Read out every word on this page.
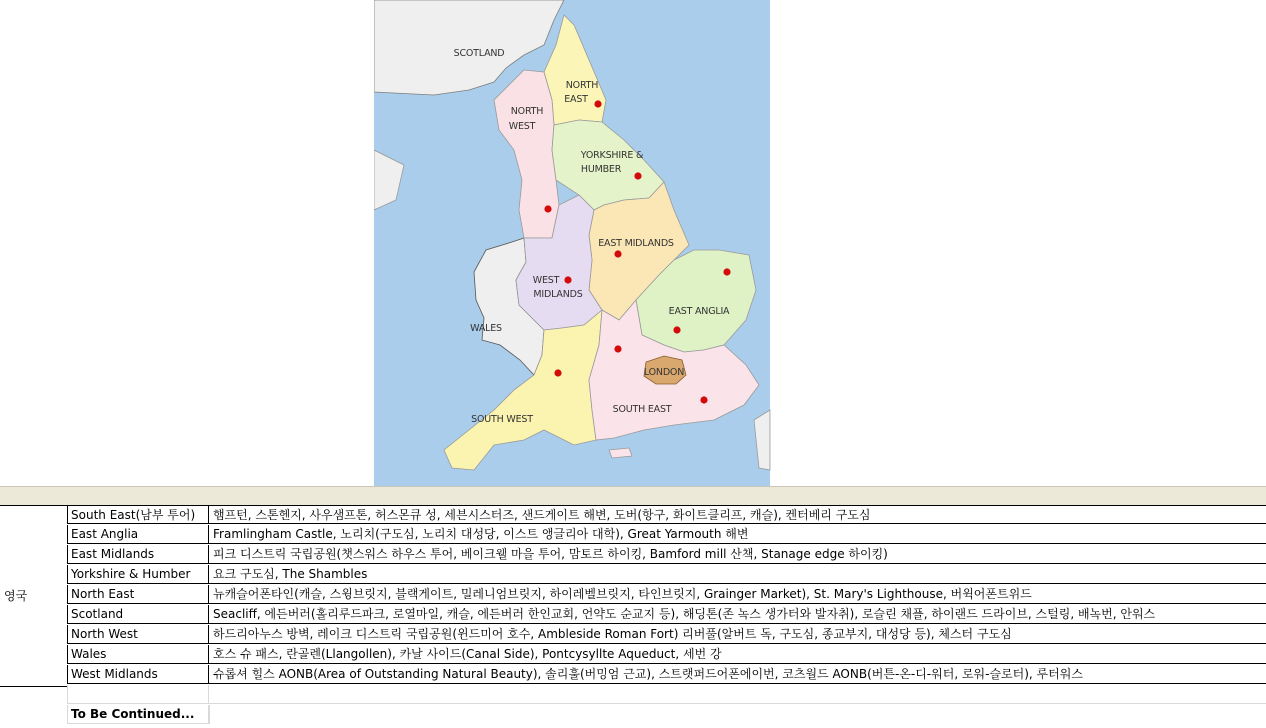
SCOTLAND
NORTH
EAST
NORTH
WEST
YORKSHIRE &
HUMBER
EAST MIDLANDS
WEST
MIDLANDS
EAST ANGLIA
WALES
LONDON
SOUTH WEST
SOUTH EAST
영국
South East(남부 투어)	햄프턴, 스톤헨지, 사우샘프톤, 허스몬큐 성, 세븐시스터즈, 샌드게이트 해변, 도버(항구, 화이트클리프, 캐슬), 켄터베리 구도심
East Anglia	Framlingham Castle, 노리치(구도심, 노리치 대성당, 이스트 앵글리아 대학), Great Yarmouth 해변
East Midlands	피크 디스트릭 국립공원(챗스워스 하우스 투어, 베이크웰 마을 투어, 맘토르 하이킹, Bamford mill 산책, Stanage edge 하이킹)
Yorkshire & Humber	요크 구도심, The Shambles
North East	뉴캐슬어폰타인(캐슬, 스윙브릿지, 블랙게이트, 밀레니엄브릿지, 하이레벨브릿지, 타인브릿지, Grainger Market), St. Mary's Lighthouse, 버윅어폰트위드
Scotland	Seacliff, 에든버러(홀리루드파크, 로열마일, 캐슬, 에든버러 한인교회, 언약도 순교지 등), 해딩톤(존 녹스 생가터와 발자취), 로슬린 채플, 하이랜드 드라이브, 스털링, 배녹번, 안워스
North West	하드리아누스 방벽, 레이크 디스트릭 국립공원(윈드미어 호수, Ambleside Roman Fort) 리버풀(알버트 독, 구도심, 종교부지, 대성당 등), 체스터 구도심
Wales	호스 슈 패스, 란골렌(Llangollen), 카날 사이드(Canal Side), Pontcysyllte Aqueduct, 세번 강
West Midlands	슈롭셔 힐스 AONB(Area of Outstanding Natural Beauty), 솔리훌(버밍엄 근교), 스트랫퍼드어폰에이번, 코츠월드 AONB(버튼-온-디-워터, 로워-슬로터), 루터워스
To Be Continued...
